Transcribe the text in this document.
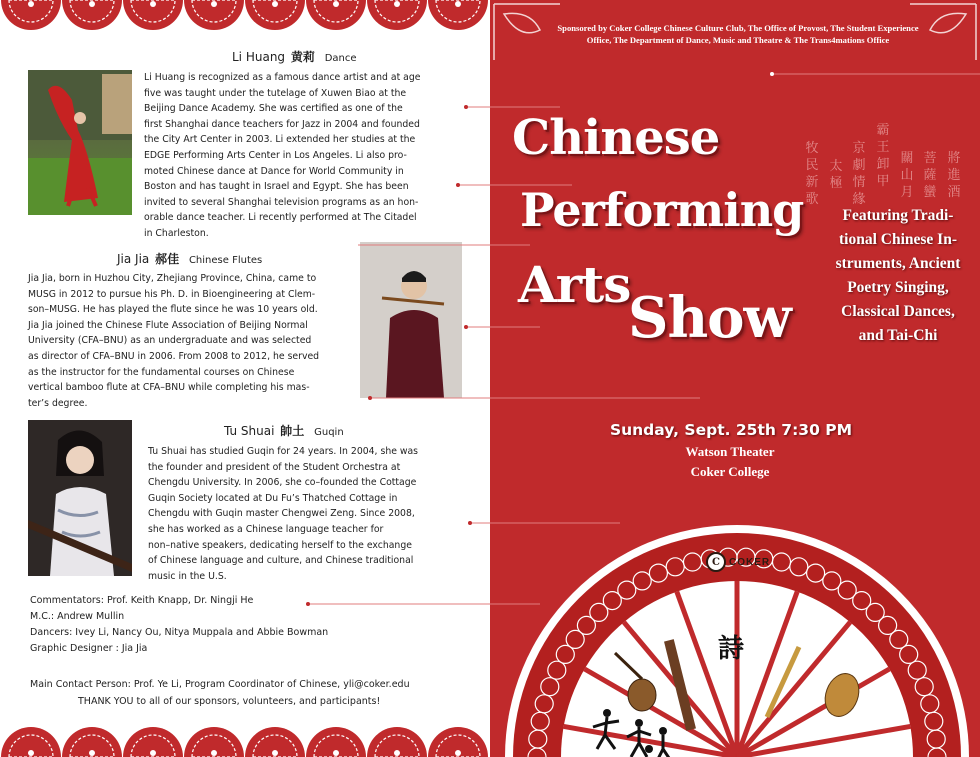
Li Huang 黄莉 Dance
Li Huang is recognized as a famous dance artist and at age
five was taught under the tutelage of Xuwen Biao at the
Beijing Dance Academy. She was certified as one of the
first Shanghai dance teachers for Jazz in 2004 and founded
the City Art Center in 2003. Li extended her studies at the
EDGE Performing Arts Center in Los Angeles. Li also pro-
moted Chinese dance at Dance for World Community in
Boston and has taught in Israel and Egypt. She has been
invited to several Shanghai television programs as an hon-
orable dance teacher. Li recently performed at The Citadel
in Charleston.
Jia Jia 郝佳 Chinese Flutes
Jia Jia, born in Huzhou City, Zhejiang Province, China, came to
MUSG in 2012 to pursue his Ph. D. in Bioengineering at Clem-
son–MUSG. He has played the flute since he was 10 years old.
Jia Jia joined the Chinese Flute Association of Beijing Normal
University (CFA–BNU) as an undergraduate and was selected
as director of CFA–BNU in 2006. From 2008 to 2012, he served
as the instructor for the fundamental courses on Chinese
vertical bamboo flute at CFA–BNU while completing his mas-
ter’s degree.
Tu Shuai 帥土 Guqin
Tu Shuai has studied Guqin for 24 years. In 2004, she was
the founder and president of the Student Orchestra at
Chengdu University. In 2006, she co–founded the Cottage
Guqin Society located at Du Fu’s Thatched Cottage in
Chengdu with Guqin master Chengwei Zeng. Since 2008,
she has worked as a Chinese language teacher for
non–native speakers, dedicating herself to the exchange
of Chinese language and culture, and Chinese traditional
music in the U.S.
Commentators: Prof. Keith Knapp, Dr. Ningji He
M.C.: Andrew Mullin
Dancers: Ivey Li, Nancy Ou, Nitya Muppala and Abbie Bowman
Graphic Designer : Jia Jia
Main Contact Person: Prof. Ye Li, Program Coordinator of Chinese, yli@coker.edu
THANK YOU to all of our sponsors, volunteers, and participants!
Sponsored by Coker College Chinese Culture Club, The Office of Provost, The Student Experience
Office, The Department of Dance, Music and Theatre & The Trans4mations Office
Chinese
Performing
Arts
Show
將進酒
菩薩蠻
關山月
霸王卸甲
京劇情緣
太極
牧民新歌
Featuring Tradi-
tional Chinese In-
struments, Ancient
Poetry Singing,
Classical Dances,
and Tai-Chi
Sunday, Sept. 25th 7:30 PM
Watson Theater
Coker College
C COKER
詩
